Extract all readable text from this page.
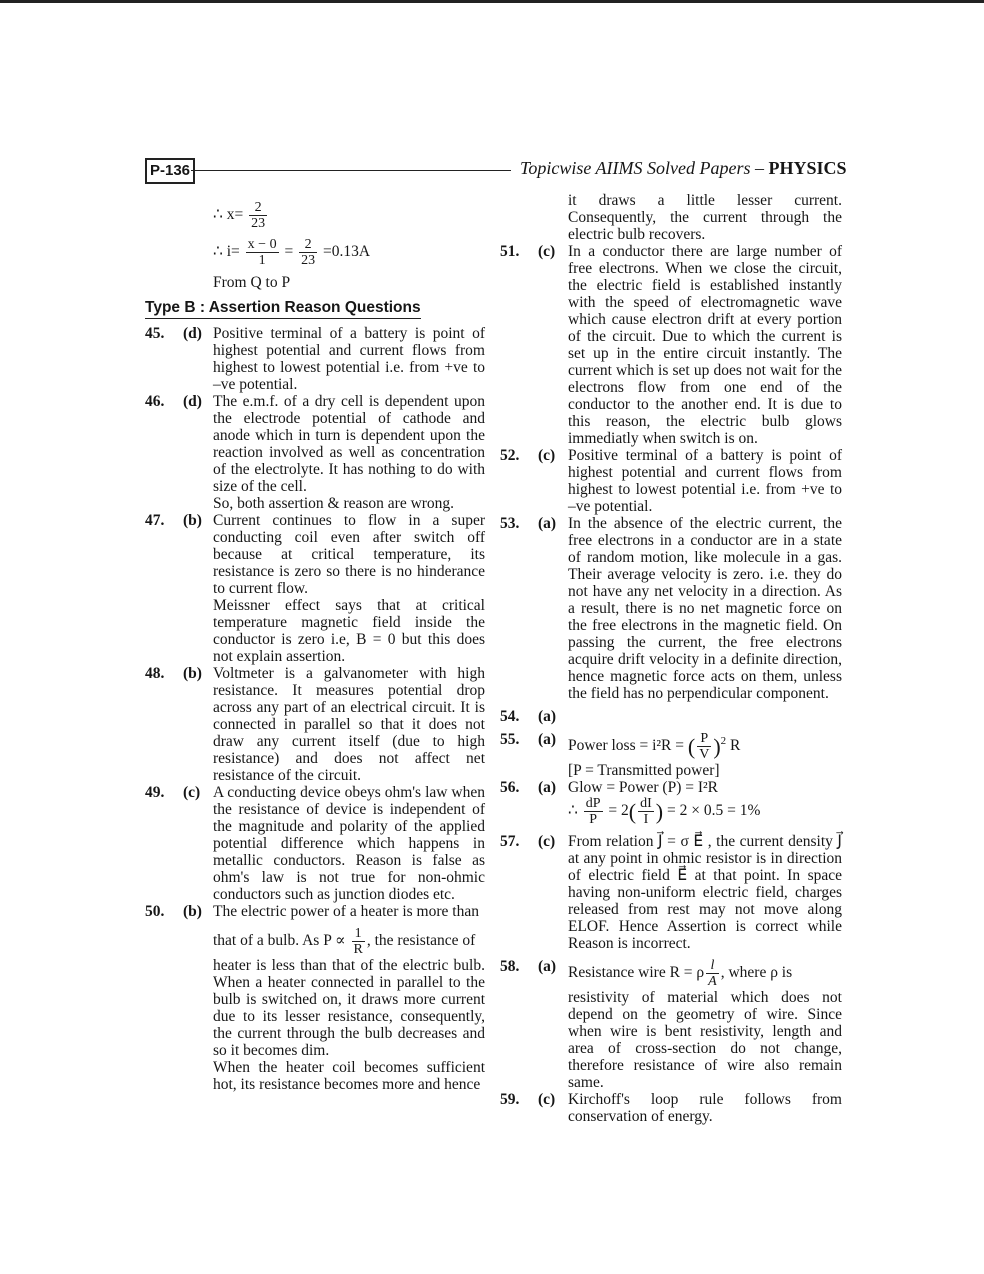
P-136	Topicwise AIIMS Solved Papers – PHYSICS
∴ $x= \frac{2}{23}$
∴ $i= \frac{x - 0}{1} = \frac{2}{23} =0.13A$

From Q to P

Type B : Assertion Reason Questions
45.	(d) Positive terminal of a battery is point of highest potential and current flows from highest to lowest potential i.e. from +ve to –ve potential.
46.	(d) The e.m.f. of a dry cell is dependent upon the electrode potential of cathode and anode which in turn is dependent upon the reaction involved as well as concentration of the electrolyte. It has nothing to do with size of the cell.

So, both assertion & reason are wrong.

47.	(b) Current continues to flow in a super conducting coil even after switch off because at critical temperature, its resistance is zero so there is no hinderance to current flow.

Meissner effect says that at critical temperature magnetic field inside the conductor is zero i.e, B = 0 but this does not explain assertion.

48.	(b) Voltmeter is a galvanometer with high resistance. It measures potential drop across any part of an electrical circuit. It is connected in parallel so that it does not draw any current itself (due to high resistance) and does not affect net resistance of the circuit.
49.	(c) A conducting device obeys ohm's law when the resistance of device is independent of the magnitude and polarity of the applied potential difference which happens in metallic conductors. Reason is false as ohm's law is not true for non-ohmic conductors such as junction diodes etc.
50.	(b) The electric power of a heater is more than

that of a bulb. As $P \propto \frac{1}{R}$ , the resistance of

heater is less than that of the electric bulb. When a heater connected in parallel to the bulb is switched on, it draws more current due to its lesser resistance, consequently, the current through the bulb decreases and so it becomes dim.

When the heater coil becomes sufficient hot, its resistance becomes more and hence

it draws a little lesser current. Consequently, the current through the electric bulb recovers.

51.	(c) In a conductor there are large number of free electrons. When we close the circuit, the electric field is established instantly with the speed of electromagnetic wave which cause electron drift at every portion of the circuit. Due to which the current is set up in the entire circuit instantly. The current which is set up does not wait for the electrons flow from one end of the conductor to the another end. It is due to this reason, the electric bulb glows immediatly when switch is on.
52.	(c) Positive terminal of a battery is point of highest potential and current flows from highest to lowest potential i.e. from +ve to –ve potential.
53.	(a) In the absence of the electric current, the free electrons in a conductor are in a state of random motion, like molecule in a gas. Their average velocity is zero. i.e. they do not have any net velocity in a direction. As a result, there is no net magnetic force on the free electrons in the magnetic field. On passing the current, the free electrons acquire drift velocity in a definite direction, hence magnetic force acts on them, unless the field has no perpendicular component.
54.	(a)
55.	(a) Power loss = i²R = ( $\frac{P}{V} )^2$ R

[P = Transmitted power]

56.	(a) Glow = Power (P) = I²R
∴ $\frac{dP}{P} = 2( \frac{dI}{I}$ ) = 2 × 0.5 = 1%
57.	(c) From relation J⃗ = σ E⃗ , the current density J⃗ at any point in ohmic resistor is in direction of electric field E⃗ at that point. In space having non-uniform electric field, charges released from rest may not move along ELOF. Hence Assertion is correct while Reason is incorrect.
58.	(a) Resistance wire R = ρ $\frac{l}{A}$ , where ρ is

resistivity of material which does not depend on the geometry of wire. Since when wire is bent resistivity, length and area of cross-section do not change, therefore resistance of wire also remain same.

59.	(c) Kirchoff's loop rule follows from conservation of energy.
